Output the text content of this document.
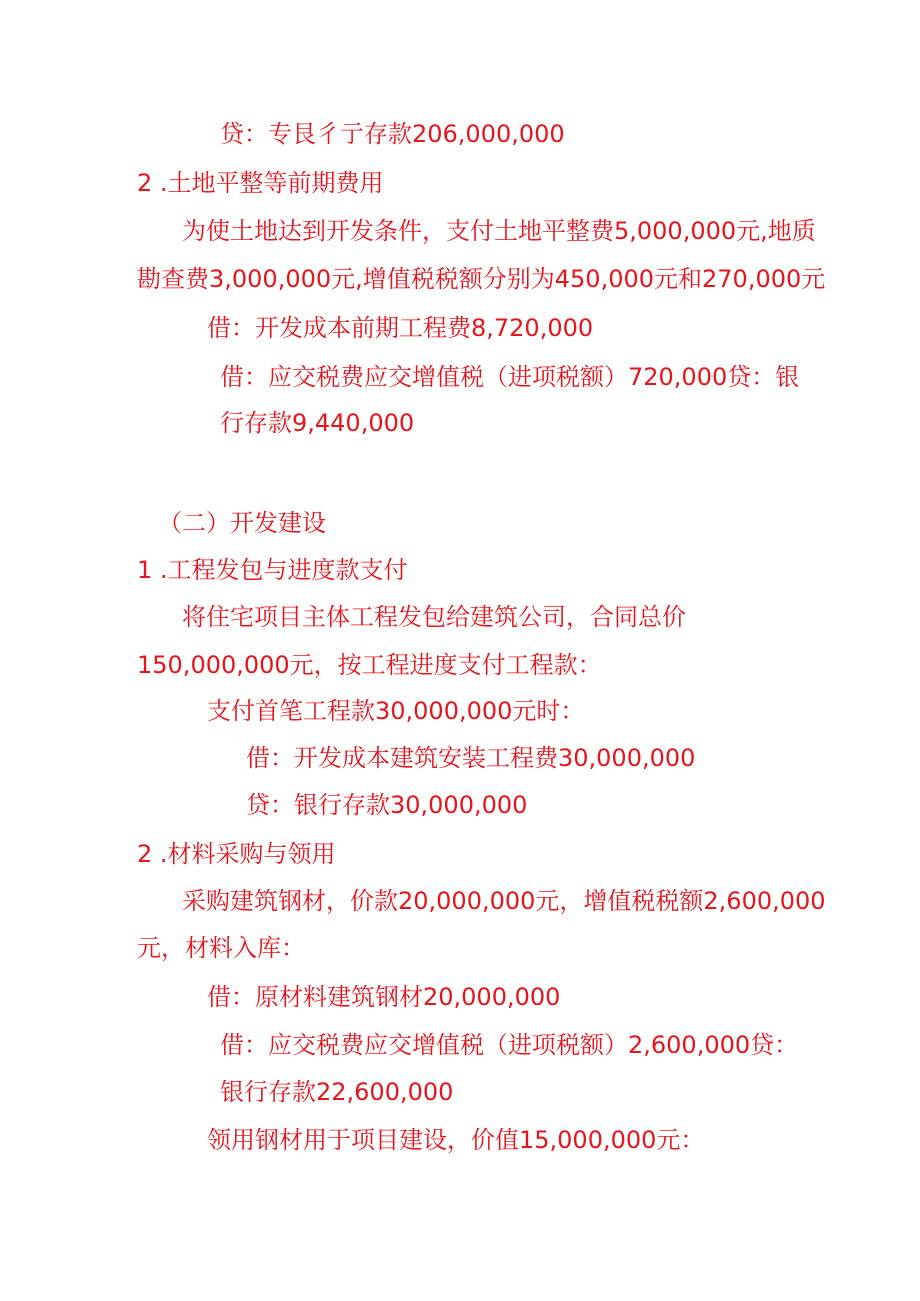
贷：专艮彳亍存款206,000,000

2 .土地平整等前期费用

为使土地达到开发条件，支付土地平整费5,000,000元,地质

勘查费3,000,000元,增值税税额分别为450,000元和270,000元

借：开发成本前期工程费8,720,000

借：应交税费应交增值税（进项税额）720,000贷：银

行存款9,440,000

（二）开发建设

1 .工程发包与进度款支付

将住宅项目主体工程发包给建筑公司，合同总价

150,000,000元，按工程进度支付工程款：

支付首笔工程款30,000,000元时：

借：开发成本建筑安装工程费30,000,000

贷：银行存款30,000,000

2 .材料采购与领用

采购建筑钢材，价款20,000,000元，增值税税额2,600,000

元，材料入库：

借：原材料建筑钢材20,000,000

借：应交税费应交增值税（进项税额）2,600,000贷：

银行存款22,600,000

领用钢材用于项目建设，价值15,000,000元：
